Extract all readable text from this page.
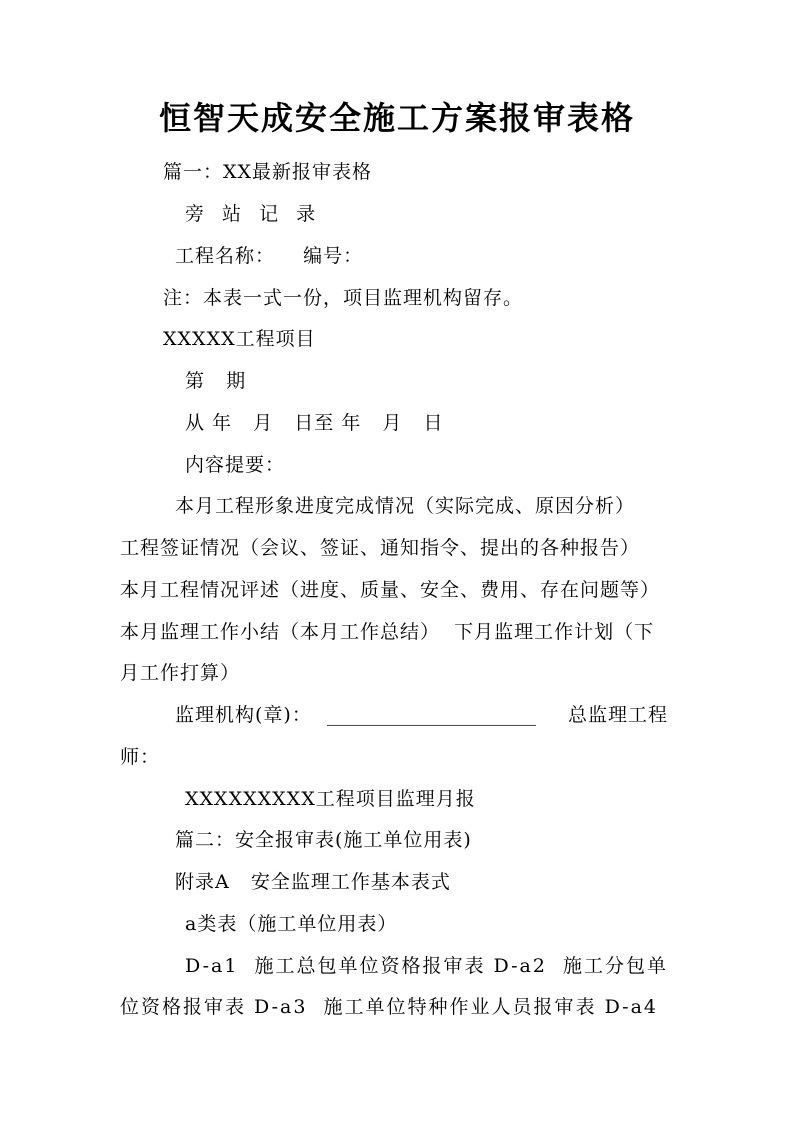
恒智天成安全施工方案报审表格
篇一：XX最新报审表格
旁 站 记 录
工程名称：    编号：
注：本表一式一份，项目监理机构留存。
XXXXX工程项目
第   期
从 年   月   日至 年   月   日
内容提要：
本月工程形象进度完成情况（实际完成、原因分析）
工程签证情况（会议、签证、通知指令、提出的各种报告）
本月工程情况评述（进度、质量、安全、费用、存在问题等）
本月监理工作小结（本月工作总结）  下月监理工作计划（下
月工作打算）
监理机构(章)： ______________________ 总监理工程
师：
XXXXXXXXX工程项目监理月报
篇二：安全报审表(施工单位用表)
附录A   安全监理工作基本表式
a类表（施工单位用表）
D-a1  施工总包单位资格报审表 D-a2  施工分包单
位资格报审表 D-a3  施工单位特种作业人员报审表 D-a4
